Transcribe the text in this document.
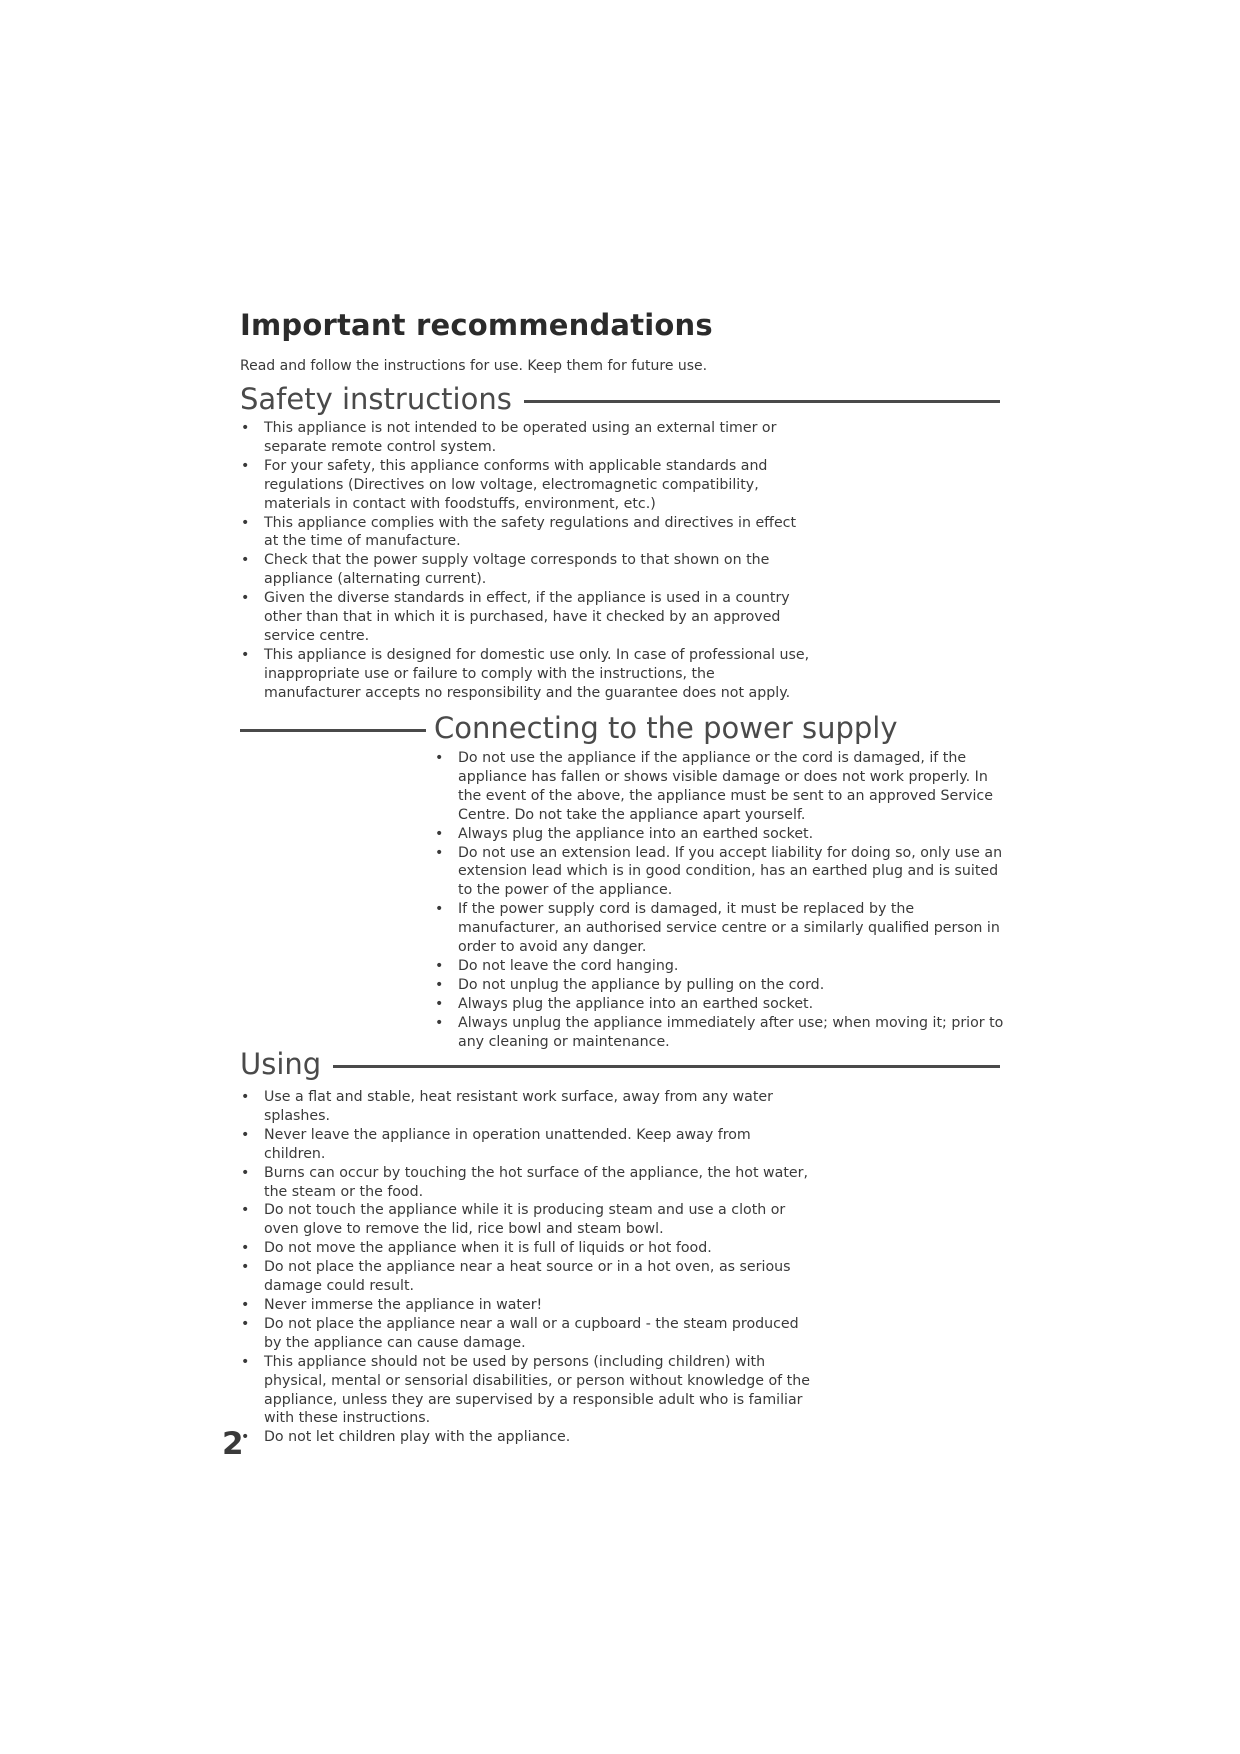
Important recommendations

Read and follow the instructions for use. Keep them for future use.

Safety instructions
• This appliance is not intended to be operated using an external timer or separate remote control system.
• For your safety, this appliance conforms with applicable standards and regulations (Directives on low voltage, electromagnetic compatibility, materials in contact with foodstuffs, environment, etc.)
• This appliance complies with the safety regulations and directives in effect at the time of manufacture.
• Check that the power supply voltage corresponds to that shown on the appliance (alternating current).
• Given the diverse standards in effect, if the appliance is used in a country other than that in which it is purchased, have it checked by an approved service centre.
• This appliance is designed for domestic use only. In case of professional use, inappropriate use or failure to comply with the instructions, the manufacturer accepts no responsibility and the guarantee does not apply.
Connecting to the power supply
• Do not use the appliance if the appliance or the cord is damaged, if the appliance has fallen or shows visible damage or does not work properly. In the event of the above, the appliance must be sent to an approved Service Centre. Do not take the appliance apart yourself.
• Always plug the appliance into an earthed socket.
• Do not use an extension lead. If you accept liability for doing so, only use an extension lead which is in good condition, has an earthed plug and is suited to the power of the appliance.
• If the power supply cord is damaged, it must be replaced by the manufacturer, an authorised service centre or a similarly qualified person in order to avoid any danger.
• Do not leave the cord hanging.
• Do not unplug the appliance by pulling on the cord.
• Always plug the appliance into an earthed socket.
• Always unplug the appliance immediately after use; when moving it; prior to any cleaning or maintenance.
Using
• Use a flat and stable, heat resistant work surface, away from any water splashes.
• Never leave the appliance in operation unattended. Keep away from children.
• Burns can occur by touching the hot surface of the appliance, the hot water, the steam or the food.
• Do not touch the appliance while it is producing steam and use a cloth or oven glove to remove the lid, rice bowl and steam bowl.
• Do not move the appliance when it is full of liquids or hot food.
• Do not place the appliance near a heat source or in a hot oven, as serious damage could result.
• Never immerse the appliance in water!
• Do not place the appliance near a wall or a cupboard - the steam produced by the appliance can cause damage.
• This appliance should not be used by persons (including children) with physical, mental or sensorial disabilities, or person without knowledge of the appliance, unless they are supervised by a responsible adult who is familiar with these instructions.
• Do not let children play with the appliance.

2
